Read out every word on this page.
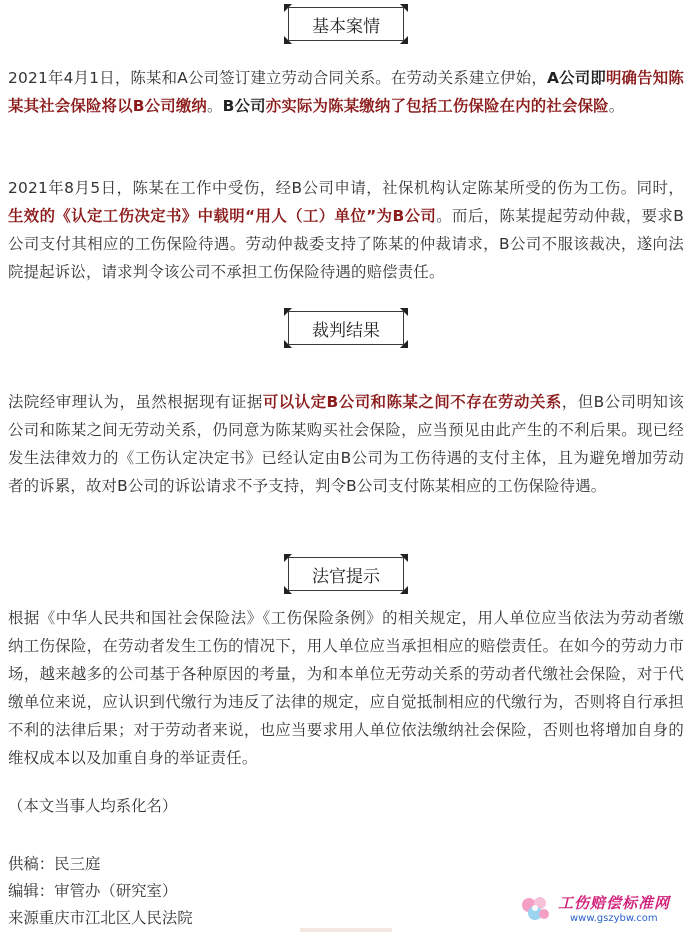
基本案情

2021年4月1日，陈某和A公司签订建立劳动合同关系。在劳动关系建立伊始，A公司即明确告知陈某其社会保险将以B公司缴纳。B公司亦实际为陈某缴纳了包括工伤保险在内的社会保险。

2021年8月5日，陈某在工作中受伤，经B公司申请，社保机构认定陈某所受的伤为工伤。同时，生效的《认定工伤决定书》中载明“用人（工）单位”为B公司。而后，陈某提起劳动仲裁，要求B公司支付其相应的工伤保险待遇。劳动仲裁委支持了陈某的仲裁请求，B公司不服该裁决，遂向法院提起诉讼，请求判令该公司不承担工伤保险待遇的赔偿责任。

裁判结果

法院经审理认为，虽然根据现有证据可以认定B公司和陈某之间不存在劳动关系，但B公司明知该公司和陈某之间无劳动关系，仍同意为陈某购买社会保险，应当预见由此产生的不利后果。现已经发生法律效力的《工伤认定决定书》已经认定由B公司为工伤待遇的支付主体，且为避免增加劳动者的诉累，故对B公司的诉讼请求不予支持，判令B公司支付陈某相应的工伤保险待遇。

法官提示

根据《中华人民共和国社会保险法》《工伤保险条例》的相关规定，用人单位应当依法为劳动者缴纳工伤保险，在劳动者发生工伤的情况下，用人单位应当承担相应的赔偿责任。在如今的劳动力市场，越来越多的公司基于各种原因的考量，为和本单位无劳动关系的劳动者代缴社会保险，对于代缴单位来说，应认识到代缴行为违反了法律的规定，应自觉抵制相应的代缴行为，否则将自行承担不利的法律后果；对于劳动者来说，也应当要求用人单位依法缴纳社会保险，否则也将增加自身的维权成本以及加重自身的举证责任。

（本文当事人均系化名）

供稿：民三庭

编辑：审管办（研究室）

来源重庆市江北区人民法院

工伤赔偿标准网
www.gszybw.com
